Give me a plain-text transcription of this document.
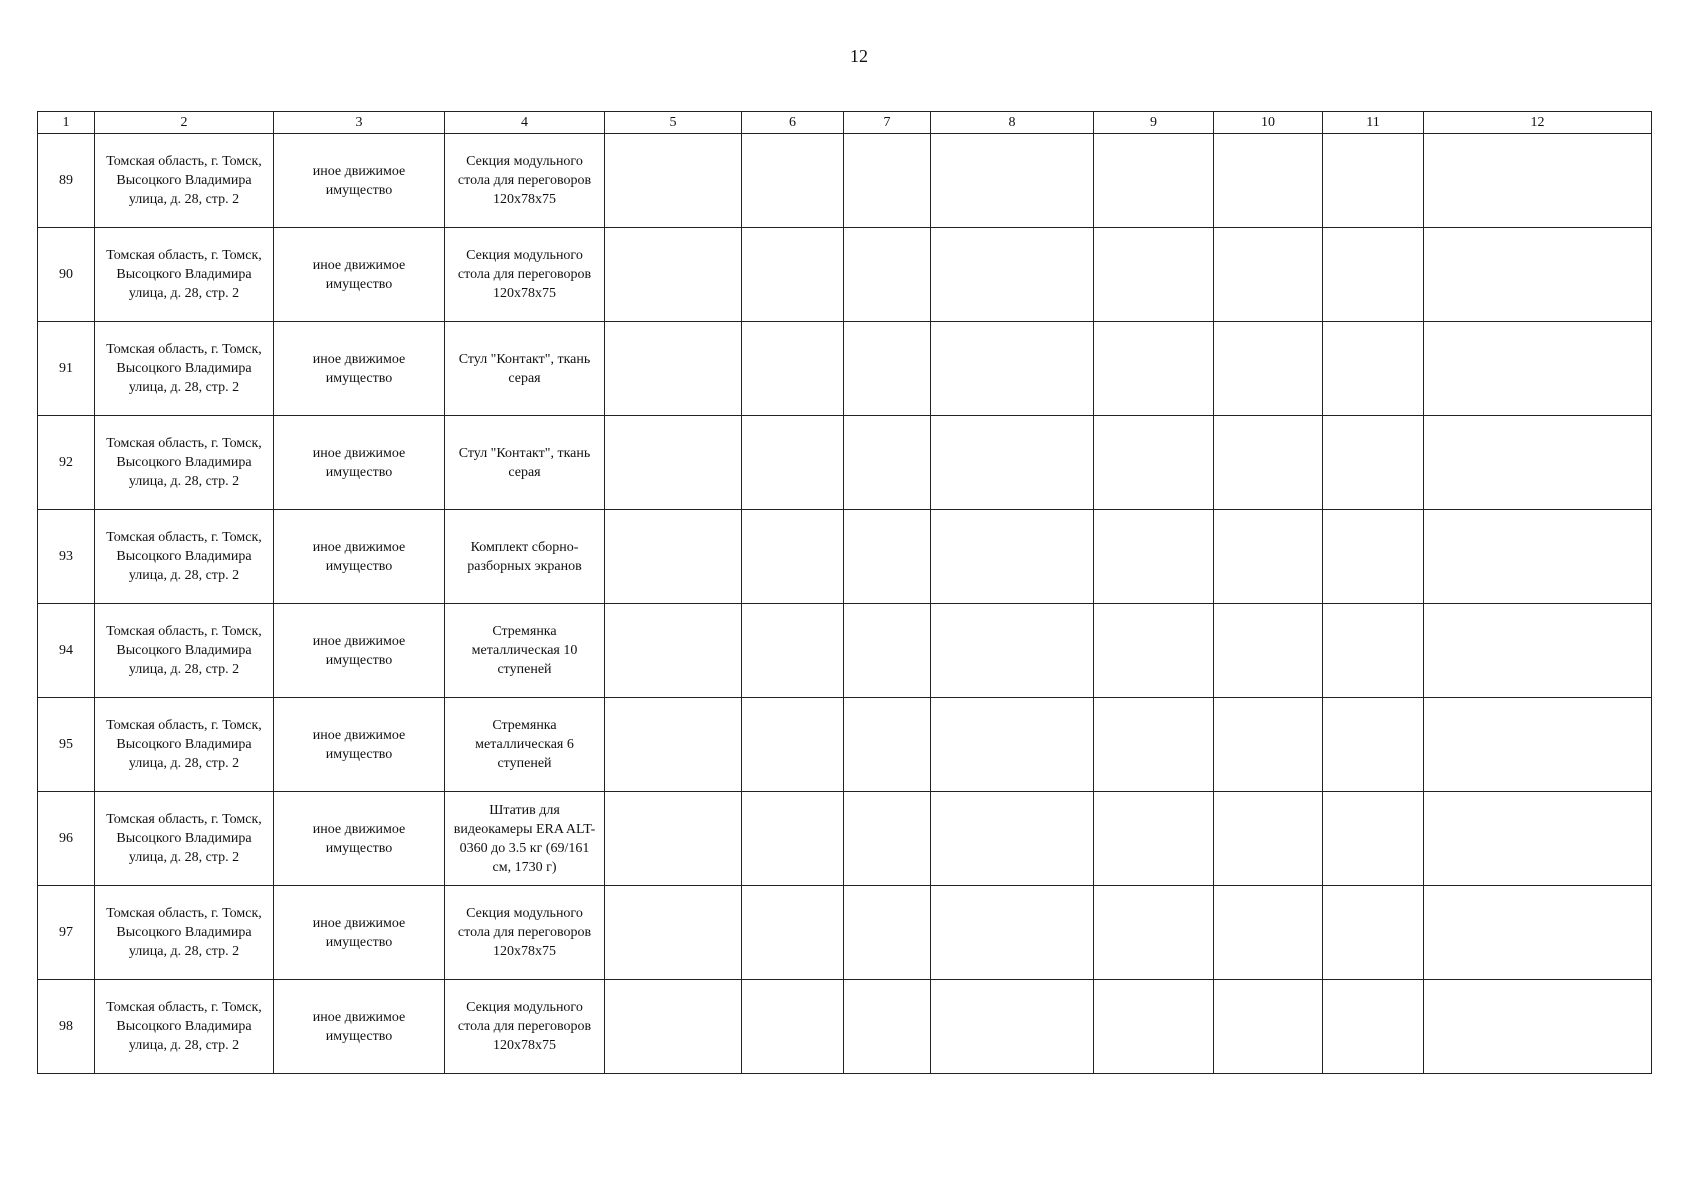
12
1	2	3	4	5	6	7	8	9	10	11	12
89	Томская область, г. Томск, Высоцкого Владимира улица, д. 28, стр. 2	иное движимое имущество	Секция модульного стола для переговоров 120x78x75								
90	Томская область, г. Томск, Высоцкого Владимира улица, д. 28, стр. 2	иное движимое имущество	Секция модульного стола для переговоров 120x78x75								
91	Томская область, г. Томск, Высоцкого Владимира улица, д. 28, стр. 2	иное движимое имущество	Стул "Контакт", ткань серая								
92	Томская область, г. Томск, Высоцкого Владимира улица, д. 28, стр. 2	иное движимое имущество	Стул "Контакт", ткань серая								
93	Томская область, г. Томск, Высоцкого Владимира улица, д. 28, стр. 2	иное движимое имущество	Комплект сборно-разборных экранов								
94	Томская область, г. Томск, Высоцкого Владимира улица, д. 28, стр. 2	иное движимое имущество	Стремянка металлическая 10 ступеней								
95	Томская область, г. Томск, Высоцкого Владимира улица, д. 28, стр. 2	иное движимое имущество	Стремянка металлическая 6 ступеней								
96	Томская область, г. Томск, Высоцкого Владимира улица, д. 28, стр. 2	иное движимое имущество	Штатив для видеокамеры ERA ALT-0360 до 3.5 кг (69/161 см, 1730 г)								
97	Томская область, г. Томск, Высоцкого Владимира улица, д. 28, стр. 2	иное движимое имущество	Секция модульного стола для переговоров 120x78x75								
98	Томская область, г. Томск, Высоцкого Владимира улица, д. 28, стр. 2	иное движимое имущество	Секция модульного стола для переговоров 120x78x75								
